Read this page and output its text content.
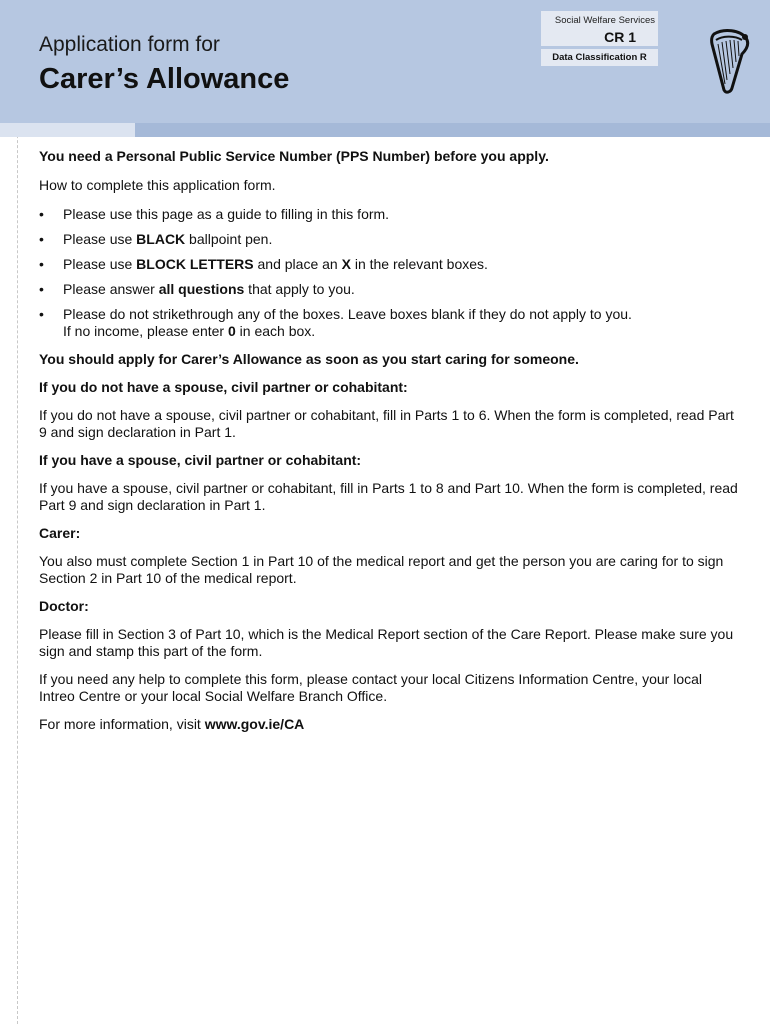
Application form for
Carer’s Allowance
Social Welfare Services
CR 1
Data Classification R

You need a Personal Public Service Number (PPS Number) before you apply.

How to complete this application form.

• Please use this page as a guide to filling in this form.
• Please use BLACK ballpoint pen.
• Please use BLOCK LETTERS and place an X in the relevant boxes.
• Please answer all questions that apply to you.
• Please do not strikethrough any of the boxes. Leave boxes blank if they do not apply to you.
If no income, please enter 0 in each box.

You should apply for Carer’s Allowance as soon as you start caring for someone.

If you do not have a spouse, civil partner or cohabitant:

If you do not have a spouse, civil partner or cohabitant, fill in Parts 1 to 6. When the form is completed, read Part 9 and sign declaration in Part 1.

If you have a spouse, civil partner or cohabitant:

If you have a spouse, civil partner or cohabitant, fill in Parts 1 to 8 and Part 10. When the form is completed, read Part 9 and sign declaration in Part 1.

Carer:

You also must complete Section 1 in Part 10 of the medical report and get the person you are caring for to sign Section 2 in Part 10 of the medical report.

Doctor:

Please fill in Section 3 of Part 10, which is the Medical Report section of the Care Report. Please make sure you sign and stamp this part of the form.

If you need any help to complete this form, please contact your local Citizens Information Centre, your local Intreo Centre or your local Social Welfare Branch Office.

For more information, visit www.gov.ie/CA
